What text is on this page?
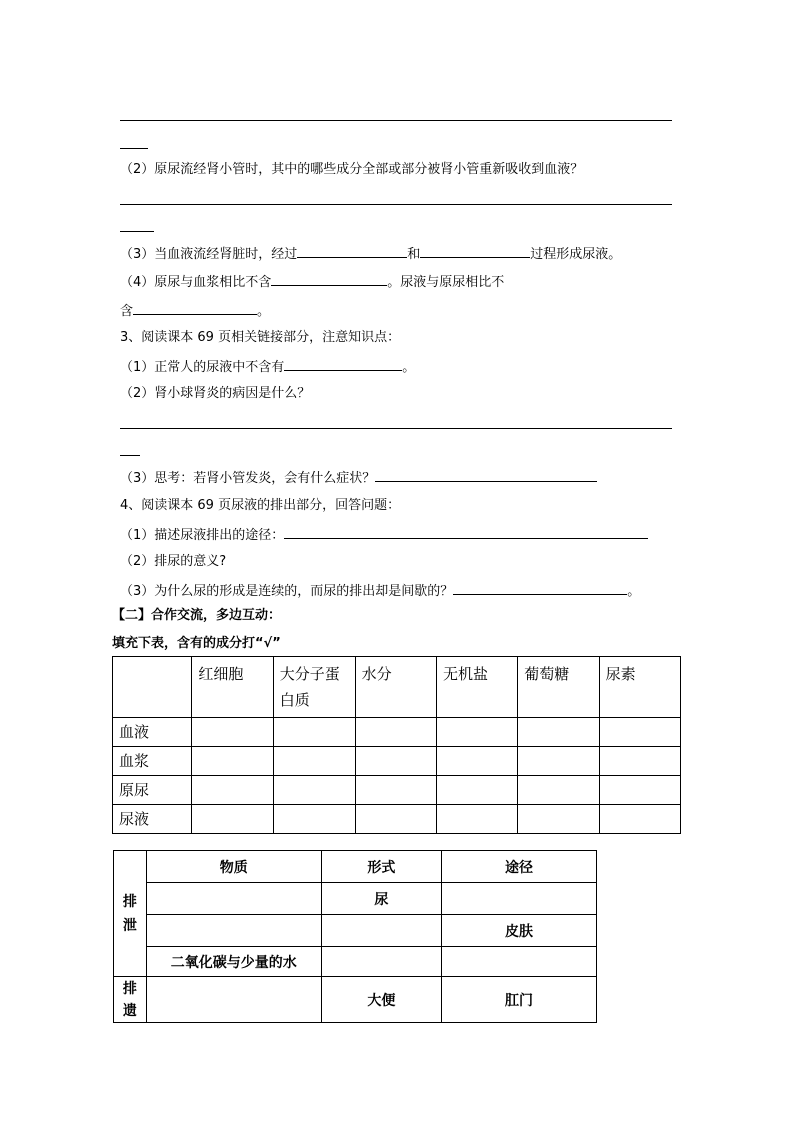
（2）原尿流经肾小管时，其中的哪些成分全部或部分被肾小管重新吸收到血液？
（3）当血液流经肾脏时，经过	和	过程形成尿液。
（4）原尿与血浆相比不含	。尿液与原尿相比不
含	。
3、阅读课本 69 页相关链接部分，注意知识点：
（1）正常人的尿液中不含有	。
（2）肾小球肾炎的病因是什么？
（3）思考：若肾小管发炎，会有什么症状？
4、阅读课本 69 页尿液的排出部分，回答问题：
（1）描述尿液排出的途径：
（2）排尿的意义?
（3）为什么尿的形成是连续的，而尿的排出却是间歇的？	。
【二】合作交流，多边互动：
填充下表，含有的成分打“√”

	红细胞	大分子蛋白质	水分	无机盐	葡萄糖	尿素

血液						

血浆						

原尿						

尿液						

排泄	物质	形式	途径
		尿	
			皮肤
	二氧化碳与少量的水		

排遗		大便	肛门
